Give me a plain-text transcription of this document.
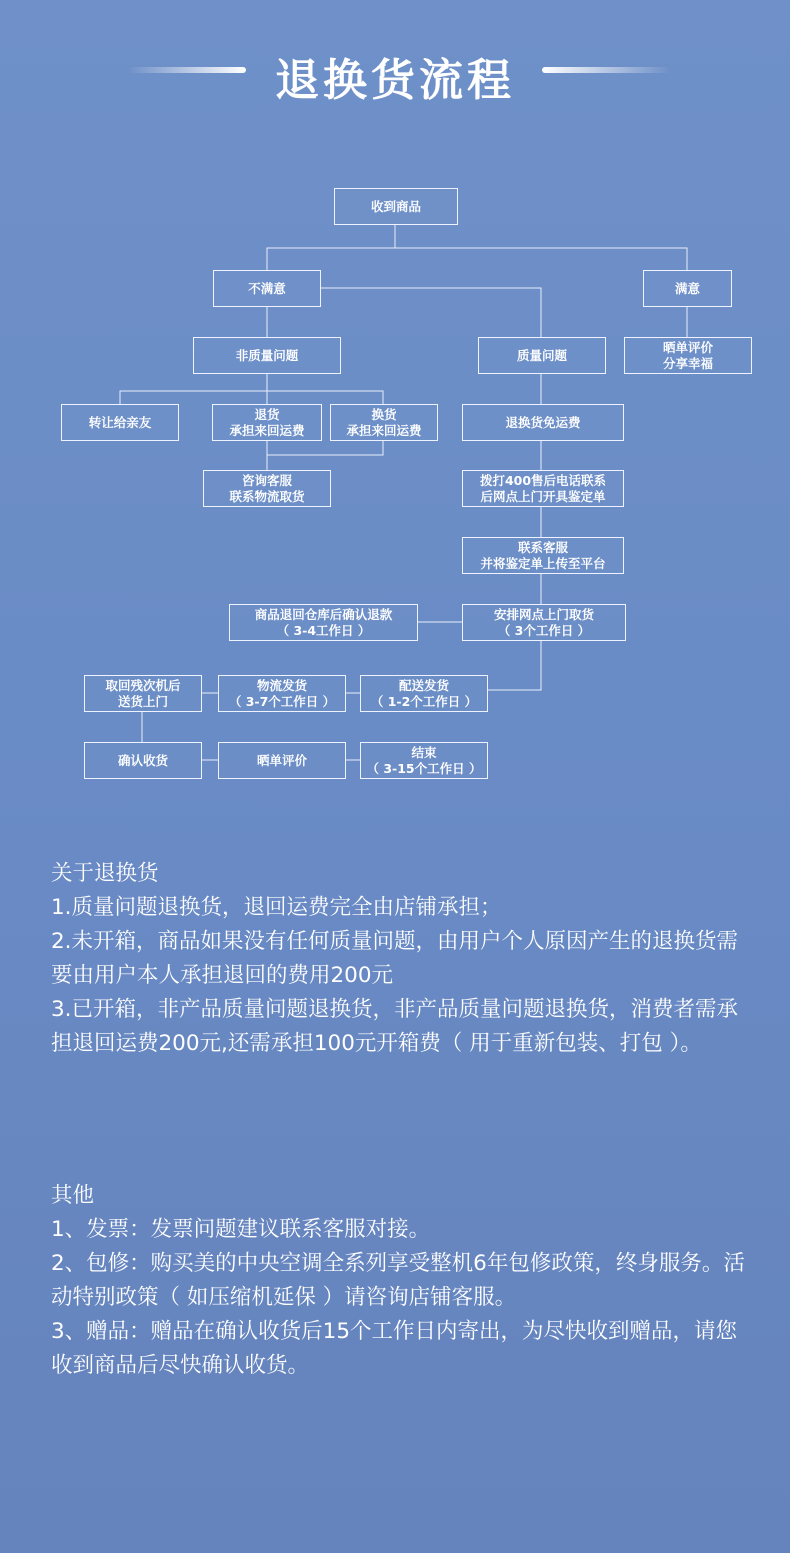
退换货流程
收到商品
不满意	满意
非质量问题	质量问题
晒单评价
分享幸福
转让给亲友
退货
承担来回运费
换货
承担来回运费
退换货免运费
咨询客服
联系物流取货
拨打400售后电话联系
后网点上门开具鉴定单
联系客服
并将鉴定单上传至平台
商品退回仓库后确认退款
（ 3-4工作日 ）
安排网点上门取货
（ 3个工作日 ）
取回残次机后
送货上门
物流发货
（ 3-7个工作日 ）
配送发货
（ 1-2个工作日 ）
确认收货	晒单评价
结束
（ 3-15个工作日 ）

关于退换货

1.质量问题退换货，退回运费完全由店铺承担；

2.未开箱，商品如果没有任何质量问题，由用户个人原因产生的退换货需要由用户本人承担退回的费用200元

3.已开箱，非产品质量问题退换货，非产品质量问题退换货，消费者需承担退回运费200元,还需承担100元开箱费（ 用于重新包装、打包 ）。

其他

1、发票：发票问题建议联系客服对接。

2、包修：购买美的中央空调全系列享受整机6年包修政策，终身服务。活动特别政策（ 如压缩机延保 ）请咨询店铺客服。

3、赠品：赠品在确认收货后15个工作日内寄出，为尽快收到赠品，请您收到商品后尽快确认收货。
